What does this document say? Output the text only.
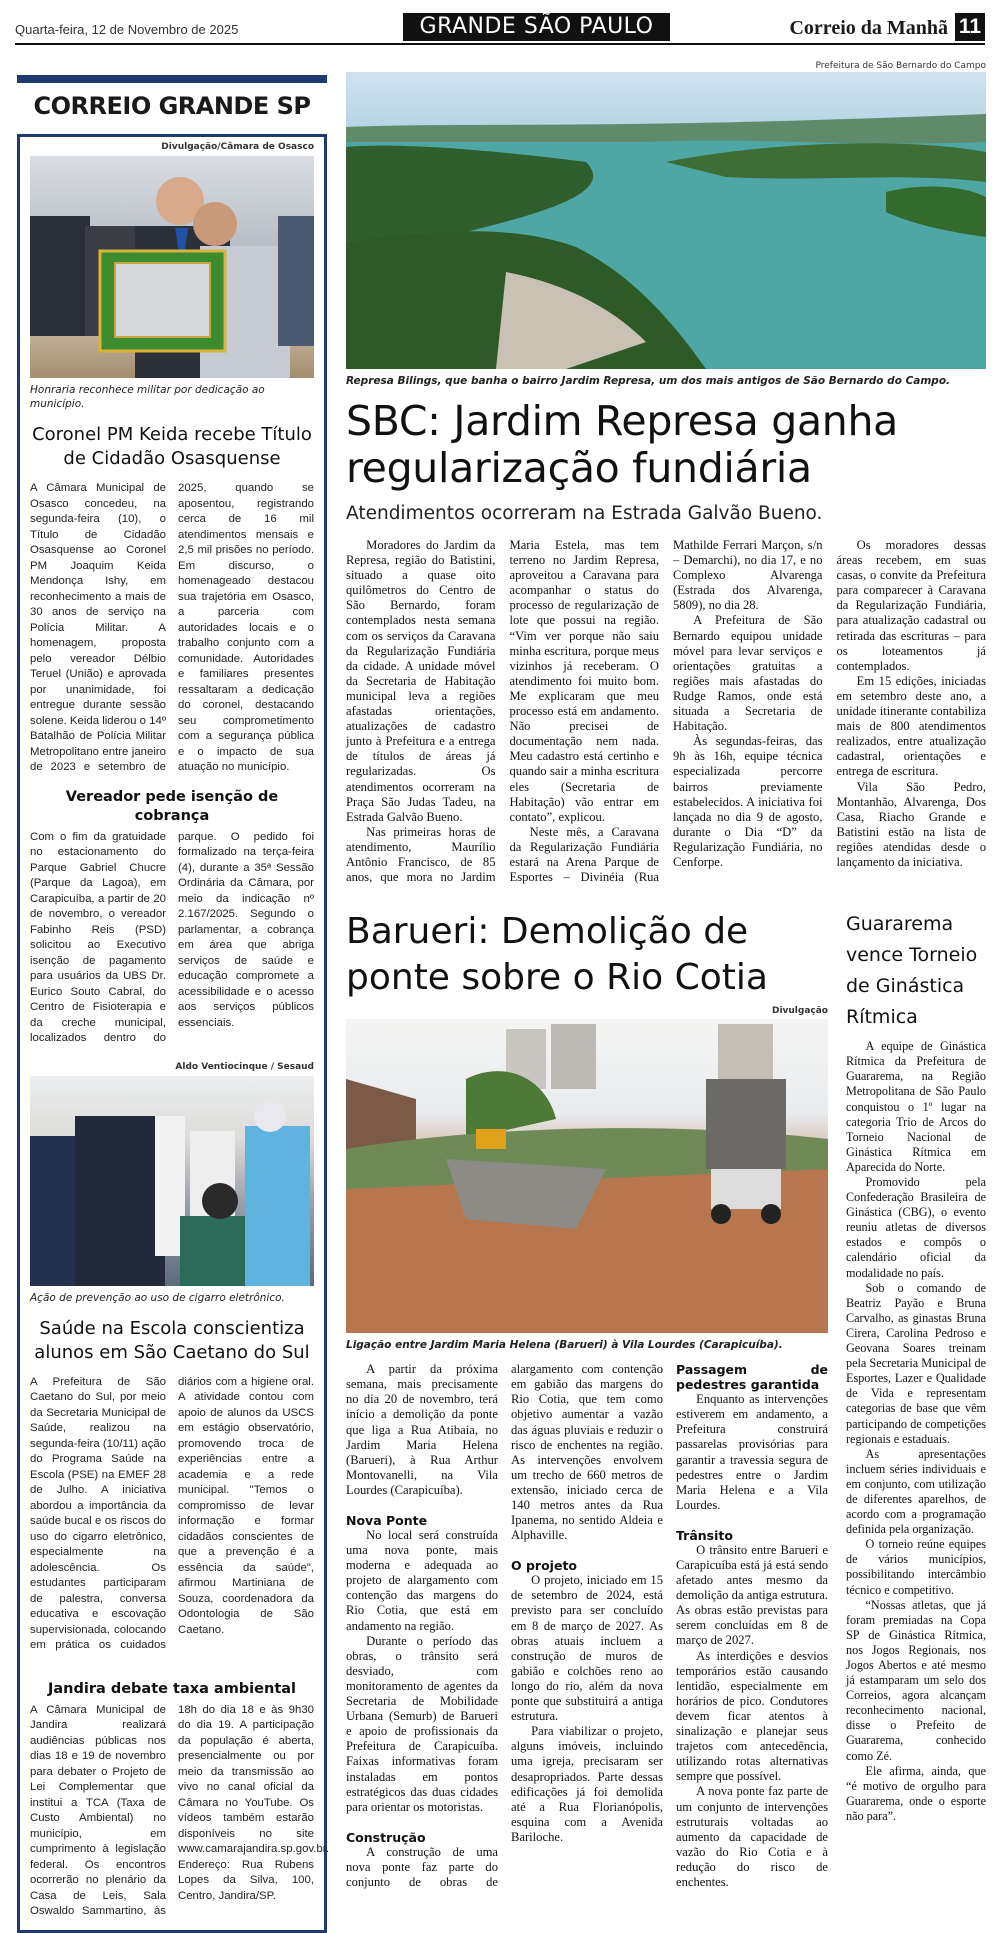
Quarta-feira, 12 de Novembro de 2025	GRANDE SÃO PAULO	Correio da Manhã 11
CORREIO GRANDE SP
Divulgação/Câmara de Osasco
Honraria reconhece militar por dedicação ao município.
Coronel PM Keida recebe Título de Cidadão Osasquense

A Câmara Municipal de Osasco concedeu, na segunda-feira (10), o Título de Cidadão Osasquense ao Coronel PM Joaquim Keida Mendonça Ishy, em reconhecimento a mais de 30 anos de serviço na Polícia Militar. A homenagem, proposta pelo vereador Délbio Teruel (União) e aprovada por unanimidade, foi entregue durante sessão solene. Keida liderou o 14º Batalhão de Polícia Militar Metropolitano entre janeiro de 2023 e setembro de 2025, quando se aposentou, registrando cerca de 16 mil atendimentos mensais e 2,5 mil prisões no período. Em discurso, o homenageado destacou sua trajetória em Osasco, a parceria com autoridades locais e o trabalho conjunto com a comunidade. Autoridades e familiares presentes ressaltaram a dedicação do coronel, destacando seu comprometimento com a segurança pública e o impacto de sua atuação no município.

Vereador pede isenção de cobrança

Com o fim da gratuidade no estacionamento do Parque Gabriel Chucre (Parque da Lagoa), em Carapicuíba, a partir de 20 de novembro, o vereador Fabinho Reis (PSD) solicitou ao Executivo isenção de pagamento para usuários da UBS Dr. Eurico Souto Cabral, do Centro de Fisioterapia e da creche municipal, localizados dentro do parque. O pedido foi formalizado na terça-feira (4), durante a 35ª Sessão Ordinária da Câmara, por meio da indicação nº 2.167/2025. Segundo o parlamentar, a cobrança em área que abriga serviços de saúde e educação compromete a acessibilidade e o acesso aos serviços públicos essenciais.

Aldo Ventiocinque / Sesaud
Ação de prevenção ao uso de cigarro eletrônico.
Saúde na Escola conscientiza alunos em São Caetano do Sul

A Prefeitura de São Caetano do Sul, por meio da Secretaria Municipal de Saúde, realizou na segunda-feira (10/11) ação do Programa Saúde na Escola (PSE) na EMEF 28 de Julho. A iniciativa abordou a importância da saúde bucal e os riscos do uso do cigarro eletrônico, especialmente na adolescência. Os estudantes participaram de palestra, conversa educativa e escovação supervisionada, colocando em prática os cuidados diários com a higiene oral. A atividade contou com apoio de alunos da USCS em estágio observatório, promovendo troca de experiências entre a academia e a rede municipal. "Temos o compromisso de levar informação e formar cidadãos conscientes de que a prevenção é a essência da saúde", afirmou Martiniana de Souza, coordenadora da Odontologia de São Caetano.

Jandira debate taxa ambiental

A Câmara Municipal de Jandira realizará audiências públicas nos dias 18 e 19 de novembro para debater o Projeto de Lei Complementar que institui a TCA (Taxa de Custo Ambiental) no município, em cumprimento à legislação federal. Os encontros ocorrerão no plenário da Casa de Leis, Sala Oswaldo Sammartino, às 18h do dia 18 e às 9h30 do dia 19. A participação da população é aberta, presencialmente ou por meio da transmissão ao vivo no canal oficial da Câmara no YouTube. Os vídeos também estarão disponíveis no site www.camarajandira.sp.gov.br. Endereço: Rua Rubens Lopes da Silva, 100, Centro, Jandira/SP.

Prefeitura de São Bernardo do Campo
Represa Bilings, que banha o bairro Jardim Represa, um dos mais antigos de São Bernardo do Campo.
SBC: Jardim Represa ganha regularização fundiária
Atendimentos ocorreram na Estrada Galvão Bueno.

Moradores do Jardim da Represa, região do Batistini, situado a quase oito quilômetros do Centro de São Bernardo, foram contemplados nesta semana com os serviços da Caravana da Regularização Fundiária da cidade. A unidade móvel da Secretaria de Habitação municipal leva a regiões afastadas orientações, atualizações de cadastro junto à Prefeitura e a entrega de títulos de áreas já regularizadas. Os atendimentos ocorreram na Praça São Judas Tadeu, na Estrada Galvão Bueno.

Nas primeiras horas de atendimento, Maurílio Antônio Francisco, de 85 anos, que mora no Jardim Maria Estela, mas tem terreno no Jardim Represa, aproveitou a Caravana para acompanhar o status do processo de regularização de lote que possui na região. “Vim ver porque não saiu minha escritura, porque meus vizinhos já receberam. O atendimento foi muito bom. Me explicaram que meu processo está em andamento. Não precisei de documentação nem nada. Meu cadastro está certinho e quando sair a minha escritura eles (Secretaria de Habitação) vão entrar em contato”, explicou.

Neste mês, a Caravana da Regularização Fundiária estará na Arena Parque de Esportes – Divinéia (Rua Mathilde Ferrari Marçon, s/n – Demarchi), no dia 17, e no Complexo Alvarenga (Estrada dos Alvarenga, 5809), no dia 28.

A Prefeitura de São Bernardo equipou unidade móvel para levar serviços e orientações gratuitas a regiões mais afastadas do Rudge Ramos, onde está situada a Secretaria de Habitação.

Às segundas-feiras, das 9h às 16h, equipe técnica especializada percorre bairros previamente estabelecidos. A iniciativa foi lançada no dia 9 de agosto, durante o Dia “D” da Regularização Fundiária, no Cenforpe.

Os moradores dessas áreas recebem, em suas casas, o convite da Prefeitura para comparecer à Caravana da Regularização Fundiária, para atualização cadastral ou retirada das escrituras – para os loteamentos já contemplados.

Em 15 edições, iniciadas em setembro deste ano, a unidade itinerante contabiliza mais de 800 atendimentos realizados, entre atualização cadastral, orientações e entrega de escritura.

Vila São Pedro, Montanhão, Alvarenga, Dos Casa, Riacho Grande e Batistini estão na lista de regiões atendidas desde o lançamento da iniciativa.

Barueri: Demolição de ponte sobre o Rio Cotia
Divulgação
Ligação entre Jardim Maria Helena (Barueri) à Vila Lourdes (Carapicuíba).

A partir da próxima semana, mais precisamente no dia 20 de novembro, terá início a demolição da ponte que liga a Rua Atibaia, no Jardim Maria Helena (Barueri), à Rua Arthur Montovanelli, na Vila Lourdes (Carapicuíba).

Nova Ponte

No local será construída uma nova ponte, mais moderna e adequada ao projeto de alargamento com contenção das margens do Rio Cotia, que está em andamento na região.

Durante o período das obras, o trânsito será desviado, com monitoramento de agentes da Secretaria de Mobilidade Urbana (Semurb) de Barueri e apoio de profissionais da Prefeitura de Carapicuíba. Faixas informativas foram instaladas em pontos estratégicos das duas cidades para orientar os motoristas.

Construção

A construção de uma nova ponte faz parte do conjunto de obras de alargamento com contenção em gabião das margens do Rio Cotia, que tem como objetivo aumentar a vazão das águas pluviais e reduzir o risco de enchentes na região. As intervenções envolvem um trecho de 660 metros de extensão, iniciado cerca de 140 metros antes da Rua Ipanema, no sentido Aldeia e Alphaville.

O projeto

O projeto, iniciado em 15 de setembro de 2024, está previsto para ser concluído em 8 de março de 2027. As obras atuais incluem a construção de muros de gabião e colchões reno ao longo do rio, além da nova ponte que substituirá a antiga estrutura.

Para viabilizar o projeto, alguns imóveis, incluindo uma igreja, precisaram ser desapropriados. Parte dessas edificações já foi demolida até a Rua Florianópolis, esquina com a Avenida Bariloche.

Passagem de pedestres garantida

Enquanto as intervenções estiverem em andamento, a Prefeitura construirá passarelas provisórias para garantir a travessia segura de pedestres entre o Jardim Maria Helena e a Vila Lourdes.

Trânsito

O trânsito entre Barueri e Carapicuíba está já está sendo afetado antes mesmo da demolição da antiga estrutura. As obras estão previstas para serem concluídas em 8 de março de 2027.

As interdições e desvios temporários estão causando lentidão, especialmente em horários de pico. Condutores devem ficar atentos à sinalização e planejar seus trajetos com antecedência, utilizando rotas alternativas sempre que possível.

A nova ponte faz parte de um conjunto de intervenções estruturais voltadas ao aumento da capacidade de vazão do Rio Cotia e à redução do risco de enchentes.

Guararema vence Torneio de Ginástica Rítmica

A equipe de Ginástica Rítmica da Prefeitura de Guararema, na Região Metropolitana de São Paulo conquistou o 1º lugar na categoria Trio de Arcos do Torneio Nacional de Ginástica Rítmica em Aparecida do Norte.

Promovido pela Confederação Brasileira de Ginástica (CBG), o evento reuniu atletas de diversos estados e compôs o calendário oficial da modalidade no país.

Sob o comando de Beatriz Payão e Bruna Carvalho, as ginastas Bruna Cirera, Carolina Pedroso e Geovana Soares treinam pela Secretaria Municipal de Esportes, Lazer e Qualidade de Vida e representam categorias de base que vêm participando de competições regionais e estaduais.

As apresentações incluem séries individuais e em conjunto, com utilização de diferentes aparelhos, de acordo com a programação definida pela organização.

O torneio reúne equipes de vários municípios, possibilitando intercâmbio técnico e competitivo.

“Nossas atletas, que já foram premiadas na Copa SP de Ginástica Rítmica, nos Jogos Regionais, nos Jogos Abertos e até mesmo já estamparam um selo dos Correios, agora alcançam reconhecimento nacional, disse o Prefeito de Guararema, conhecido como Zé.

Ele afirma, ainda, que “é motivo de orgulho para Guararema, onde o esporte não para”.
